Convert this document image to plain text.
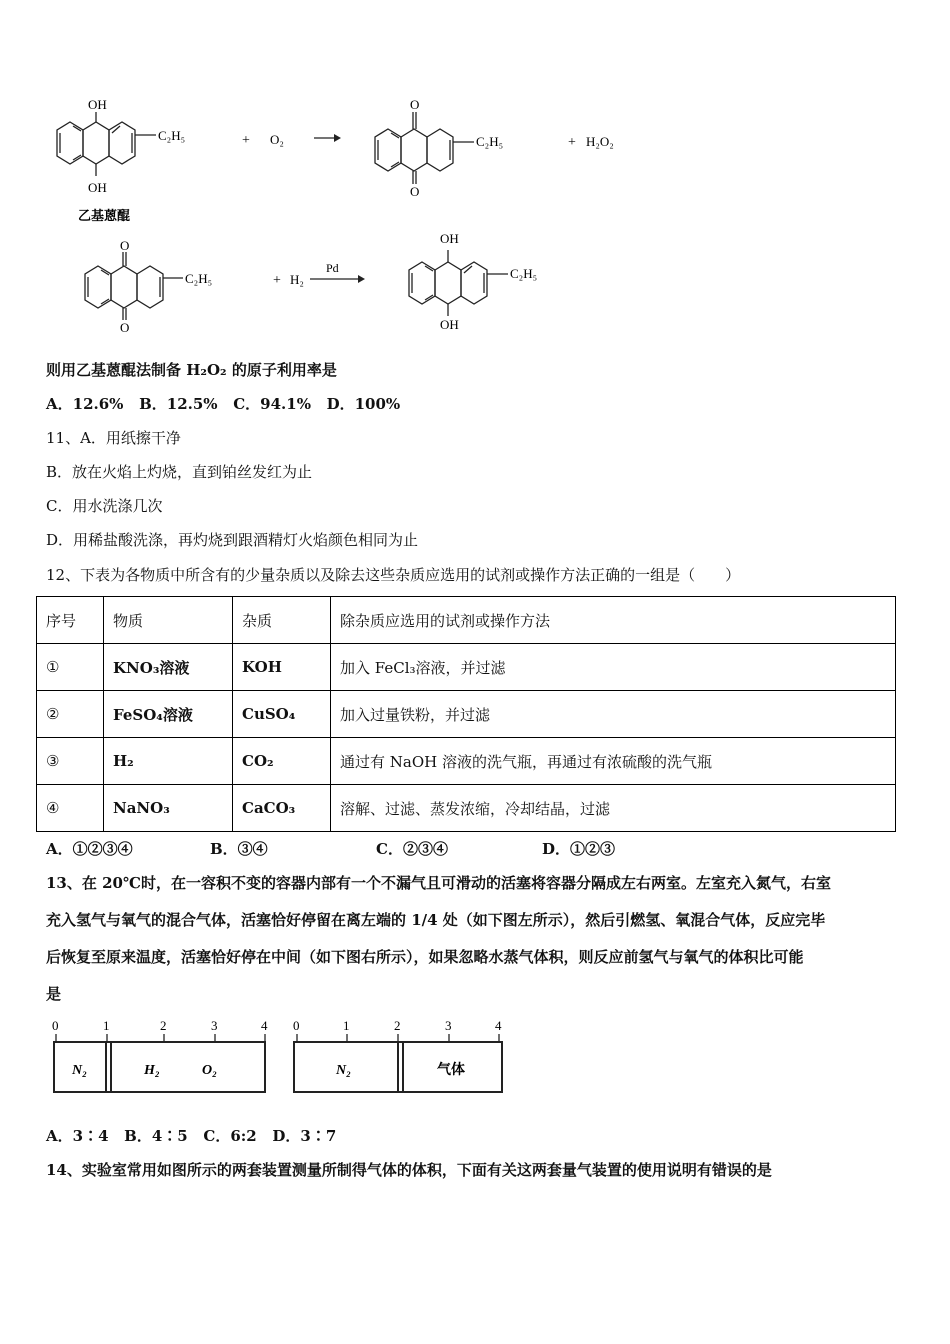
OH
OH
C₂H₅
乙基蒽醌
+ O₂
O
O
C₂H₅	+ H₂O₂
O
O
C₂H₅	+ H₂
Pd
OH
OH
C₂H₅
则用乙基蒽醌法制备 H₂O₂ 的原子利用率是
A．12.6%   B．12.5%   C．94.1%   D．100%
11、A．用纸擦干净
B．放在火焰上灼烧，直到铂丝发红为止
C．用水洗涤几次
D．用稀盐酸洗涤，再灼烧到跟酒精灯火焰颜色相同为止
12、下表为各物质中所含有的少量杂质以及除去这些杂质应选用的试剂或操作方法正确的一组是（　　）
序号	物质	杂质	除杂质应选用的试剂或操作方法
①	KNO₃溶液	KOH	加入 FeCl₃溶液，并过滤
②	FeSO₄溶液	CuSO₄	加入过量铁粉，并过滤
③	H₂	CO₂	通过有 NaOH 溶液的洗气瓶，再通过有浓硫酸的洗气瓶
④	NaNO₃	CaCO₃	溶解、过滤、蒸发浓缩，冷却结晶，过滤
A．①②③④	B．③④	C．②③④	D．①②③
13、在 20℃时，在一容积不变的容器内部有一个不漏气且可滑动的活塞将容器分隔成左右两室。左室充入氮气，右室
充入氢气与氧气的混合气体，活塞恰好停留在离左端的 1/4 处（如下图左所示），然后引燃氢、氧混合气体，反应完毕
后恢复至原来温度，活塞恰好停在中间（如下图右所示），如果忽略水蒸气体积，则反应前氢气与氧气的体积比可能
是
0	1	2	3	4
N₂	H₂	O₂
0	1	2	3	4
N₂	气体
A．3∶4   B．4∶5   C．6:2   D．3∶7
14、实验室常用如图所示的两套装置测量所制得气体的体积，下面有关这两套量气装置的使用说明有错误的是
